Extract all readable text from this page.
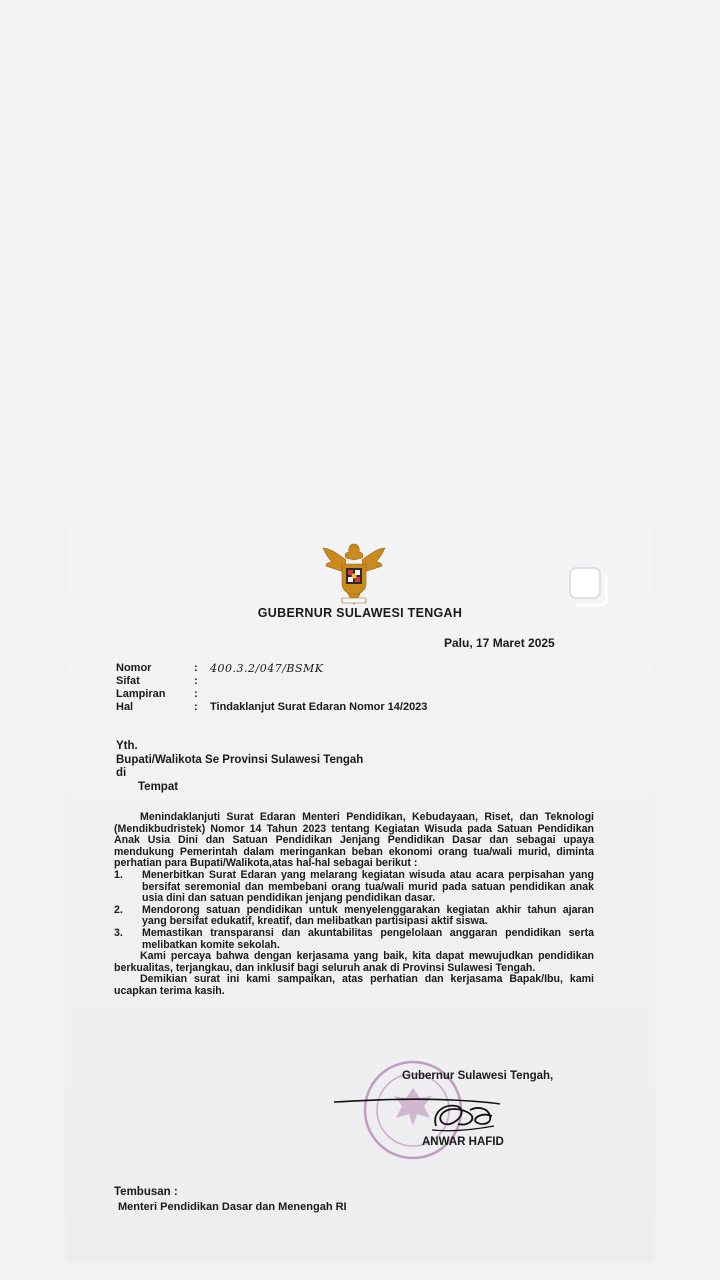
GUBERNUR SULAWESI TENGAH
Palu, 17 Maret 2025
Nomor	:	400.3.2/047/BSMK
Sifat	:
Lampiran	:
Hal	:	Tindaklanjut Surat Edaran Nomor 14/2023
Yth.
Bupati/Walikota Se Provinsi Sulawesi Tengah
di
Tempat

Menindaklanjuti Surat Edaran Menteri Pendidikan, Kebudayaan, Riset, dan Teknologi (Mendikbudristek) Nomor 14 Tahun 2023 tentang Kegiatan Wisuda pada Satuan Pendidikan Anak Usia Dini dan Satuan Pendidikan Jenjang Pendidikan Dasar dan sebagai upaya mendukung Pemerintah dalam meringankan beban ekonomi orang tua/wali murid, diminta perhatian para Bupati/Walikota,atas hal-hal sebagai berikut :

1.	Menerbitkan Surat Edaran yang melarang kegiatan wisuda atau acara perpisahan yang bersifat seremonial dan membebani orang tua/wali murid pada satuan pendidikan anak usia dini dan satuan pendidikan jenjang pendidikan dasar.
2.	Mendorong satuan pendidikan untuk menyelenggarakan kegiatan akhir tahun ajaran yang bersifat edukatif, kreatif, dan melibatkan partisipasi aktif siswa.
3.	Memastikan transparansi dan akuntabilitas pengelolaan anggaran pendidikan serta melibatkan komite sekolah.

Kami percaya bahwa dengan kerjasama yang baik, kita dapat mewujudkan pendidikan berkualitas, terjangkau, dan inklusif bagi seluruh anak di Provinsi Sulawesi Tengah.

Demikian surat ini kami sampaikan, atas perhatian dan kerjasama Bapak/Ibu, kami ucapkan terima kasih.

Gubernur Sulawesi Tengah,
ANWAR HAFID
Tembusan :
Menteri Pendidikan Dasar dan Menengah RI
